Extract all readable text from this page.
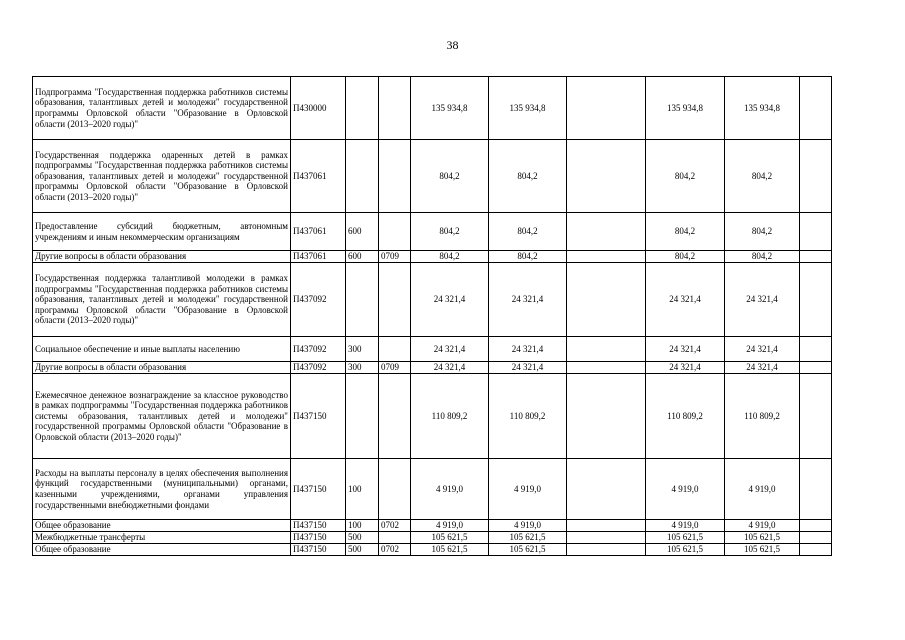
38
Подпрограмма "Государственная поддержка работников системы образования, талантливых детей и молодежи" государственной программы Орловской области "Образование в Орловской области (2013–2020 годы)"	П430000			135 934,8	135 934,8		135 934,8	135 934,8	
Государственная поддержка одаренных детей в рамках подпрограммы "Государственная поддержка работников системы образования, талантливых детей и молодежи" государственной программы Орловской области "Образование в Орловской области (2013–2020 годы)"	П437061			804,2	804,2		804,2	804,2	
Предоставление субсидий бюджетным, автономным учреждениям и иным некоммерческим организациям	П437061	600		804,2	804,2		804,2	804,2	
Другие вопросы в области образования	П437061	600	0709	804,2	804,2		804,2	804,2	
Государственная поддержка талантливой молодежи в рамках подпрограммы "Государственная поддержка работников системы образования, талантливых детей и молодежи" государственной программы Орловской области "Образование в Орловской области (2013–2020 годы)"	П437092			24 321,4	24 321,4		24 321,4	24 321,4	
Социальное обеспечение и иные выплаты населению	П437092	300		24 321,4	24 321,4		24 321,4	24 321,4	
Другие вопросы в области образования	П437092	300	0709	24 321,4	24 321,4		24 321,4	24 321,4	
Ежемесячное денежное вознаграждение за классное руководство в рамках подпрограммы "Государственная поддержка работников системы образования, талантливых детей и молодежи" государственной программы Орловской области "Образование в Орловской области (2013–2020 годы)"	П437150			110 809,2	110 809,2		110 809,2	110 809,2	
Расходы на выплаты персоналу в целях обеспечения выполнения функций государственными (муниципальными) органами, казенными учреждениями, органами управления государственными внебюджетными фондами	П437150	100		4 919,0	4 919,0		4 919,0	4 919,0	
Общее образование	П437150	100	0702	4 919,0	4 919,0		4 919,0	4 919,0	
Межбюджетные трансферты	П437150	500		105 621,5	105 621,5		105 621,5	105 621,5	
Общее образование	П437150	500	0702	105 621,5	105 621,5		105 621,5	105 621,5	
